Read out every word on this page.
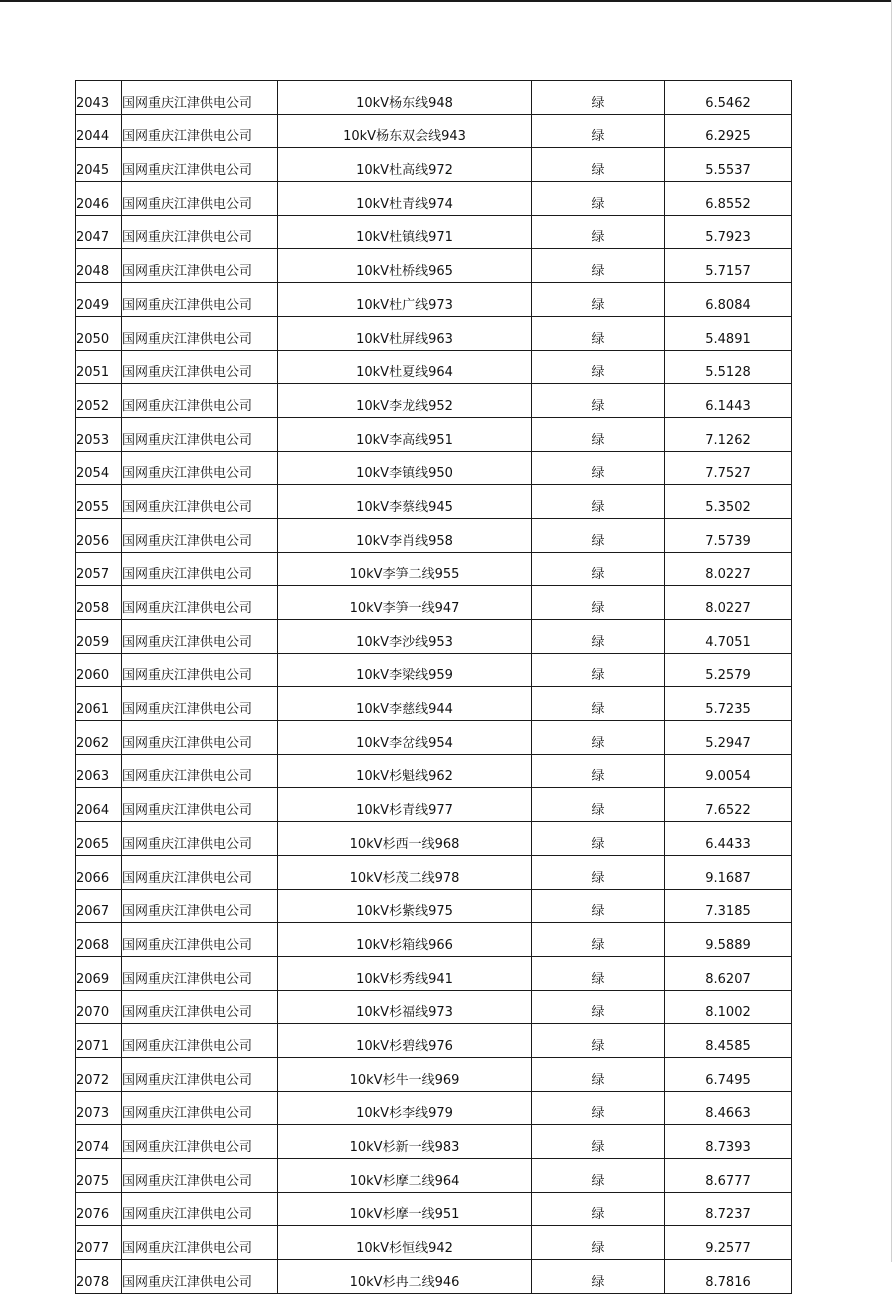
2043	国网重庆江津供电公司	10kV杨东线948	绿	6.5462
2044	国网重庆江津供电公司	10kV杨东双会线943	绿	6.2925
2045	国网重庆江津供电公司	10kV杜高线972	绿	5.5537
2046	国网重庆江津供电公司	10kV杜青线974	绿	6.8552
2047	国网重庆江津供电公司	10kV杜镇线971	绿	5.7923
2048	国网重庆江津供电公司	10kV杜桥线965	绿	5.7157
2049	国网重庆江津供电公司	10kV杜广线973	绿	6.8084
2050	国网重庆江津供电公司	10kV杜屏线963	绿	5.4891
2051	国网重庆江津供电公司	10kV杜夏线964	绿	5.5128
2052	国网重庆江津供电公司	10kV李龙线952	绿	6.1443
2053	国网重庆江津供电公司	10kV李高线951	绿	7.1262
2054	国网重庆江津供电公司	10kV李镇线950	绿	7.7527
2055	国网重庆江津供电公司	10kV李蔡线945	绿	5.3502
2056	国网重庆江津供电公司	10kV李肖线958	绿	7.5739
2057	国网重庆江津供电公司	10kV李笋二线955	绿	8.0227
2058	国网重庆江津供电公司	10kV李笋一线947	绿	8.0227
2059	国网重庆江津供电公司	10kV李沙线953	绿	4.7051
2060	国网重庆江津供电公司	10kV李梁线959	绿	5.2579
2061	国网重庆江津供电公司	10kV李慈线944	绿	5.7235
2062	国网重庆江津供电公司	10kV李岔线954	绿	5.2947
2063	国网重庆江津供电公司	10kV杉魁线962	绿	9.0054
2064	国网重庆江津供电公司	10kV杉青线977	绿	7.6522
2065	国网重庆江津供电公司	10kV杉西一线968	绿	6.4433
2066	国网重庆江津供电公司	10kV杉茂二线978	绿	9.1687
2067	国网重庆江津供电公司	10kV杉紫线975	绿	7.3185
2068	国网重庆江津供电公司	10kV杉箱线966	绿	9.5889
2069	国网重庆江津供电公司	10kV杉秀线941	绿	8.6207
2070	国网重庆江津供电公司	10kV杉福线973	绿	8.1002
2071	国网重庆江津供电公司	10kV杉碧线976	绿	8.4585
2072	国网重庆江津供电公司	10kV杉牛一线969	绿	6.7495
2073	国网重庆江津供电公司	10kV杉李线979	绿	8.4663
2074	国网重庆江津供电公司	10kV杉新一线983	绿	8.7393
2075	国网重庆江津供电公司	10kV杉摩二线964	绿	8.6777
2076	国网重庆江津供电公司	10kV杉摩一线951	绿	8.7237
2077	国网重庆江津供电公司	10kV杉恒线942	绿	9.2577
2078	国网重庆江津供电公司	10kV杉冉二线946	绿	8.7816
